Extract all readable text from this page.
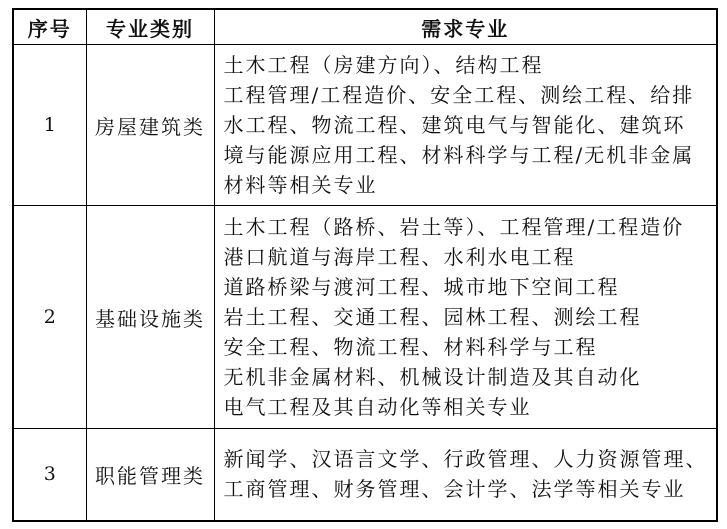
序号	专业类别	需求专业
1	房屋建筑类	土木工程（房建方向）、结构工程
工程管理/工程造价、安全工程、测绘工程、给排
水工程、物流工程、建筑电气与智能化、建筑环
境与能源应用工程、材料科学与工程/无机非金属
材料等相关专业

2	基础设施类	
土木工程（路桥、岩土等）、工程管理/工程造价
港口航道与海岸工程、水利水电工程
道路桥梁与渡河工程、城市地下空间工程
岩土工程、交通工程、园林工程、测绘工程
安全工程、物流工程、材料科学与工程
无机非金属材料、机械设计制造及其自动化
电气工程及其自动化等相关专业

3	职能管理类	新闻学、汉语言文学、行政管理、人力资源管理、
工商管理、财务管理、会计学、法学等相关专业
